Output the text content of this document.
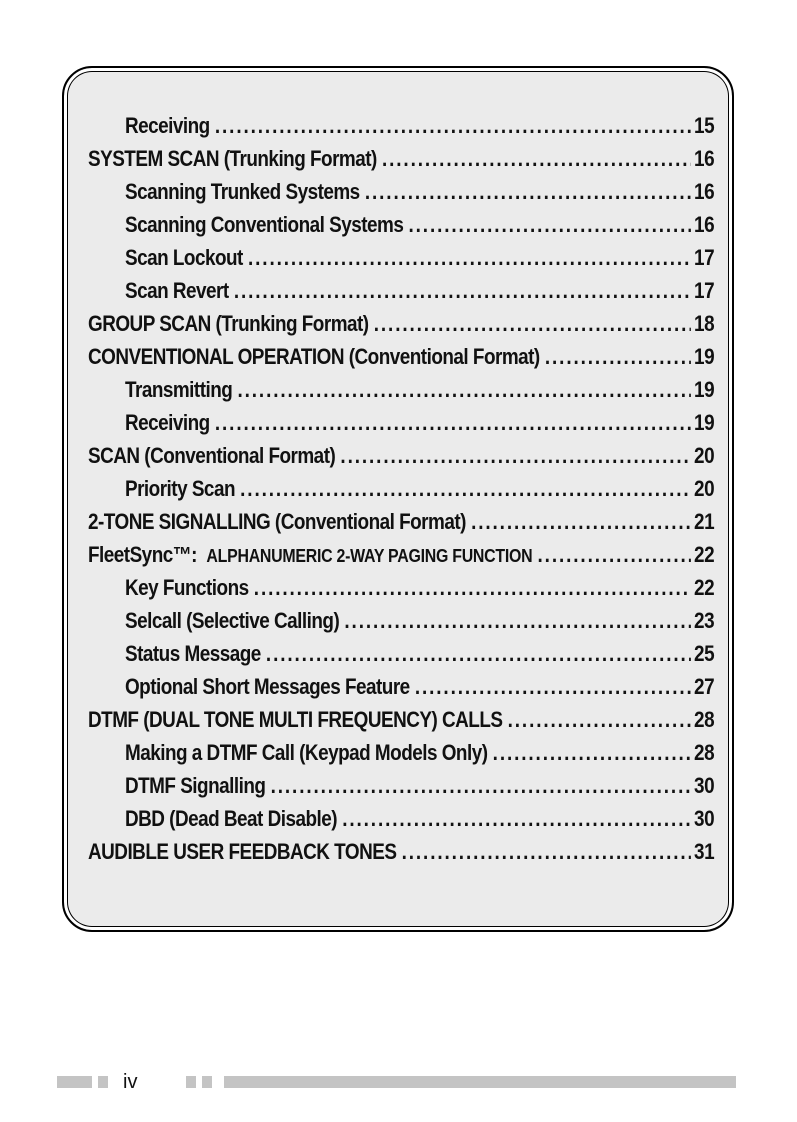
Receiving .....	15
SYSTEM SCAN (Trunking Format) .....	16
Scanning Trunked Systems .....	16
Scanning Conventional Systems .....	16
Scan Lockout .....	17
Scan Revert .....	17
GROUP SCAN (Trunking Format) .....	18
CONVENTIONAL OPERATION (Conventional Format) .....	19
Transmitting .....	19
Receiving .....	19
SCAN (Conventional Format) .....	20
Priority Scan .....	20
2-TONE SIGNALLING (Conventional Format) .....	21
FleetSync™: ALPHANUMERIC 2-WAY PAGING FUNCTION .....	22
Key Functions .....	22
Selcall (Selective Calling) .....	23
Status Message .....	25
Optional Short Messages Feature .....	27
DTMF (DUAL TONE MULTI FREQUENCY) CALLS .....	28
Making a DTMF Call (Keypad Models Only) .....	28
DTMF Signalling .....	30
DBD (Dead Beat Disable) .....	30
AUDIBLE USER FEEDBACK TONES .....	31
iv
